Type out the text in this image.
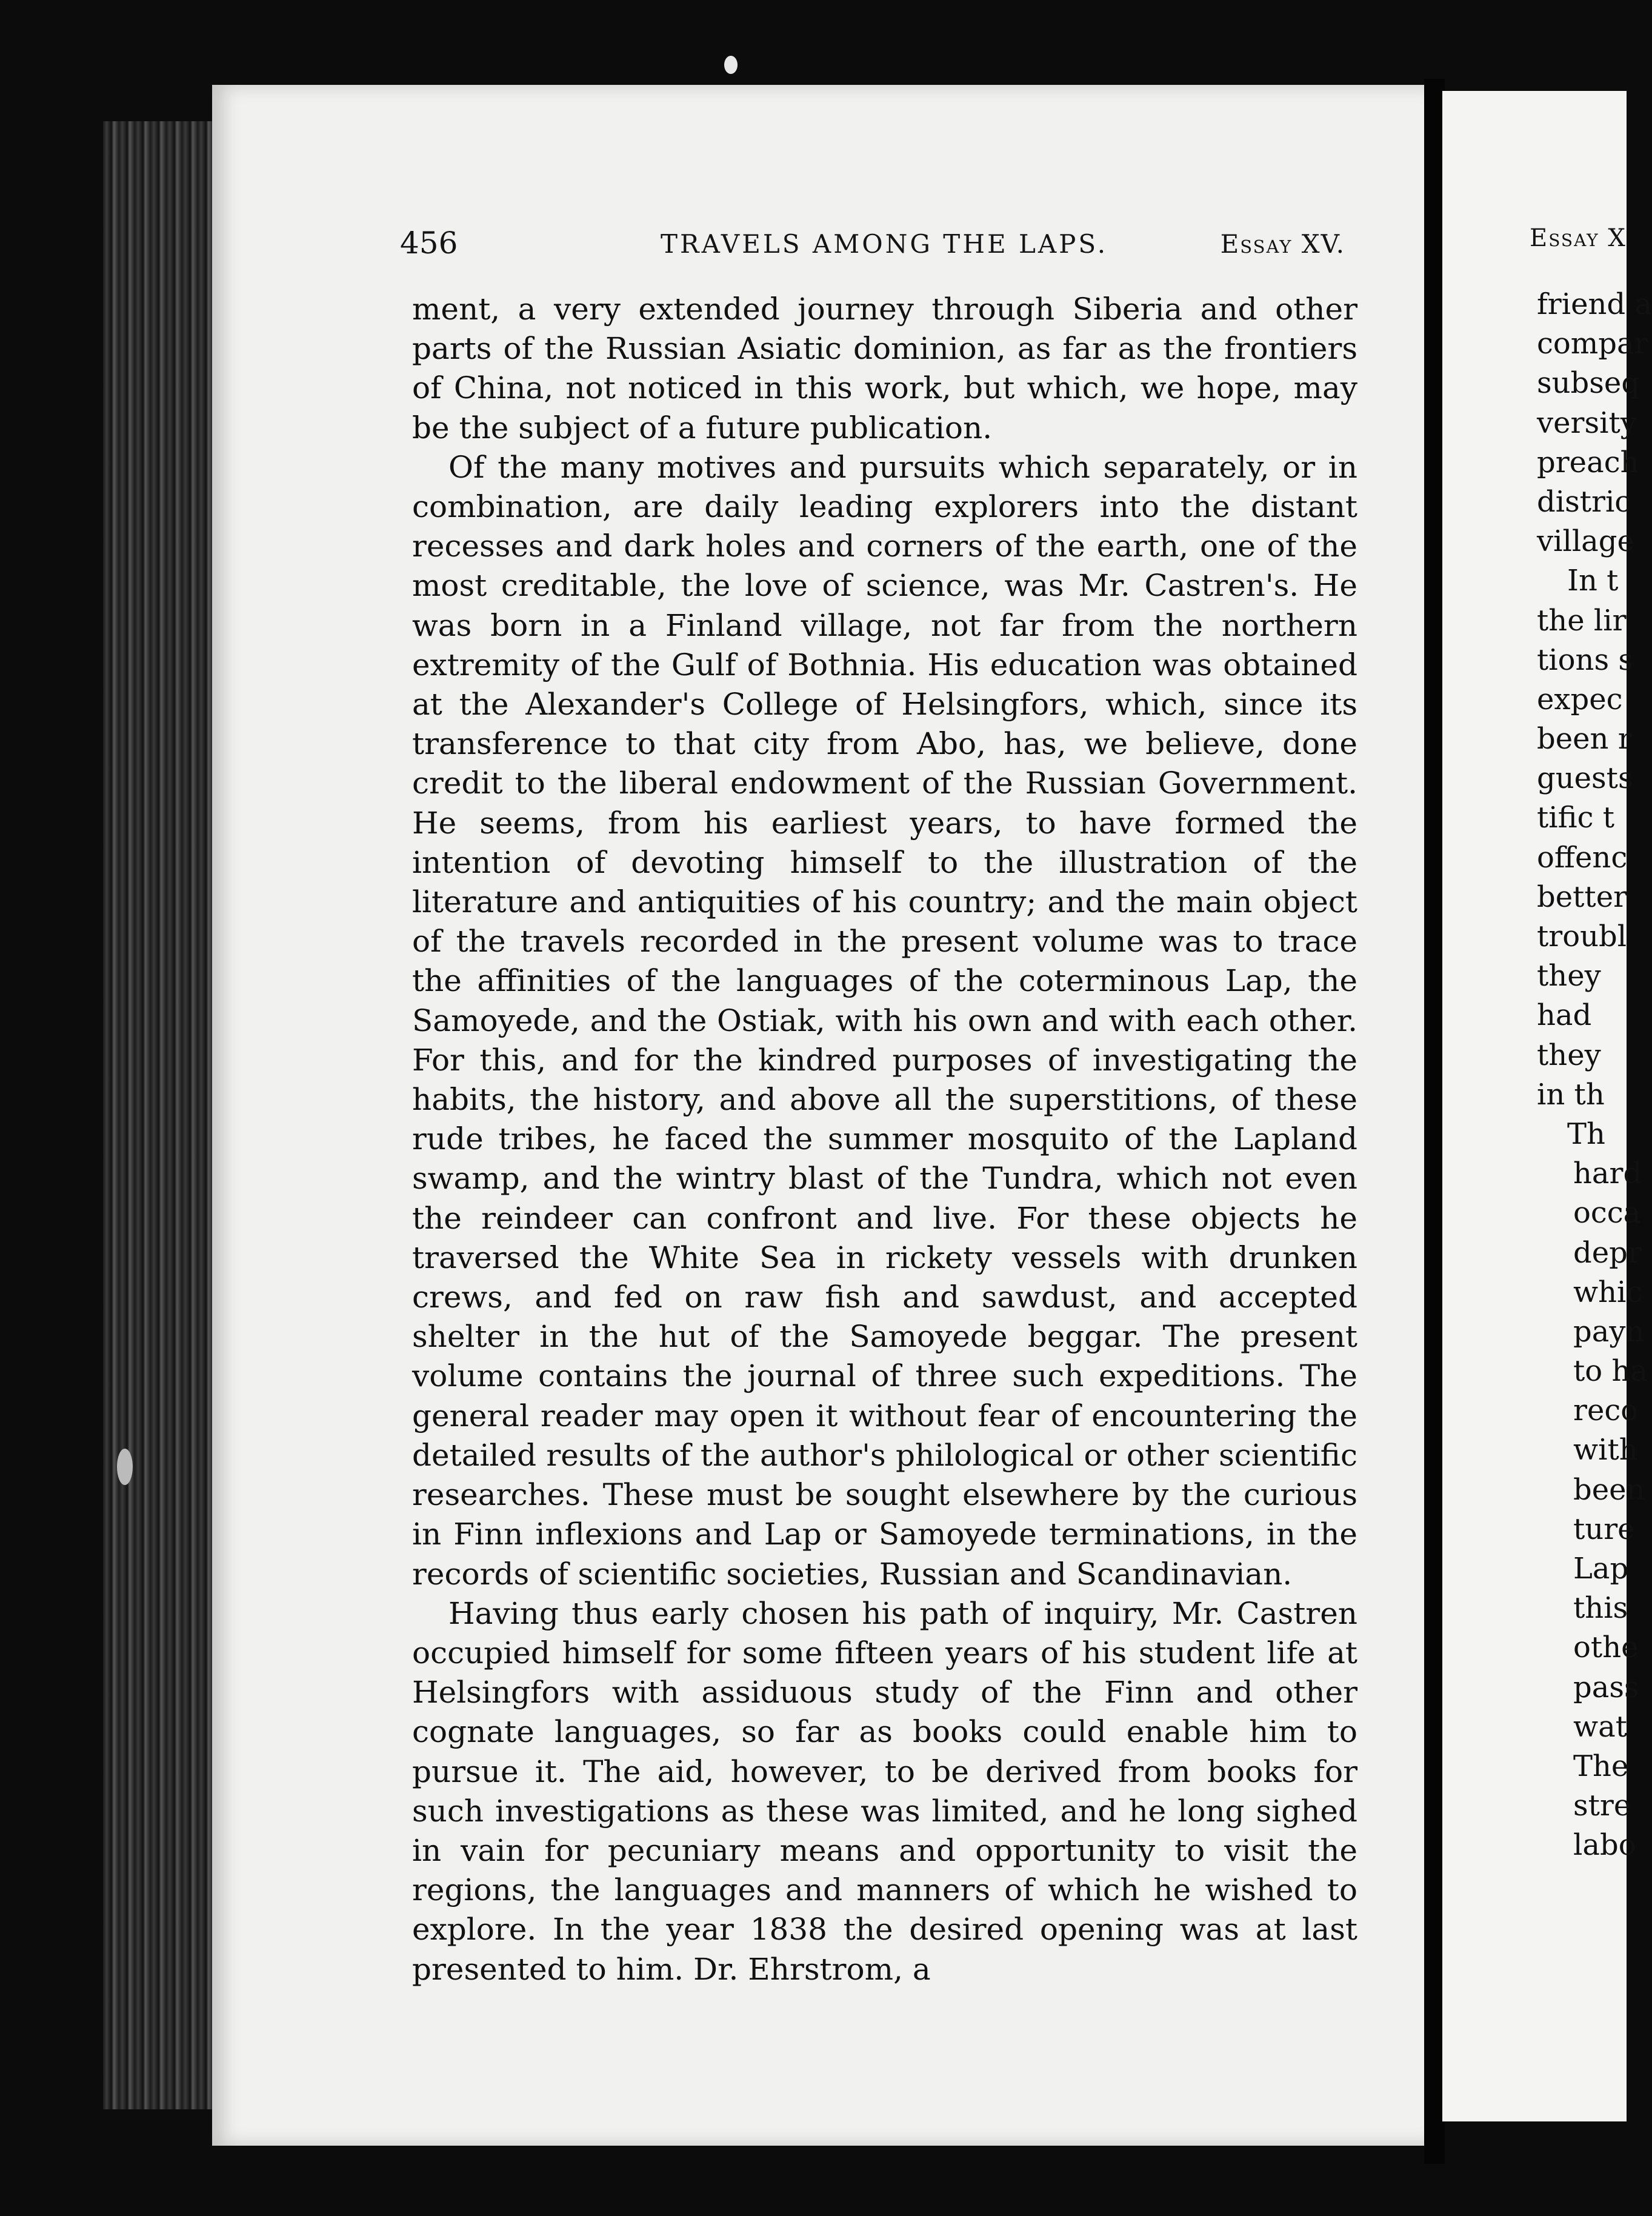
456	TRAVELS AMONG THE LAPS.	Essay XV.

ment, a very extended journey through Siberia and other parts of the Russian Asiatic dominion, as far as the frontiers of China, not noticed in this work, but which, we hope, may be the subject of a future publication.

Of the many motives and pursuits which separately, or in combination, are daily leading explorers into the distant recesses and dark holes and corners of the earth, one of the most creditable, the love of science, was Mr. Castren's. He was born in a Finland village, not far from the northern extremity of the Gulf of Bothnia. His education was obtained at the Alexander's College of Helsingfors, which, since its transference to that city from Abo, has, we believe, done credit to the liberal endowment of the Russian Government. He seems, from his earliest years, to have formed the intention of devoting himself to the illustration of the literature and antiquities of his country; and the main object of the travels recorded in the present volume was to trace the affinities of the languages of the coterminous Lap, the Samoyede, and the Ostiak, with his own and with each other. For this, and for the kindred purposes of investigating the habits, the history, and above all the superstitions, of these rude tribes, he faced the summer mosquito of the Lapland swamp, and the wintry blast of the Tundra, which not even the reindeer can confront and live. For these objects he traversed the White Sea in rickety vessels with drunken crews, and fed on raw fish and sawdust, and accepted shelter in the hut of the Samoyede beggar. The present volume contains the journal of three such expeditions. The general reader may open it without fear of encountering the detailed results of the author's philological or other scientific researches. These must be sought elsewhere by the curious in Finn inflexions and Lap or Samoyede terminations, in the records of scientific societies, Russian and Scandinavian.

Having thus early chosen his path of inquiry, Mr. Castren occupied himself for some fifteen years of his student life at Helsingfors with assiduous study of the Finn and other cognate languages, so far as books could enable him to pursue it. The aid, however, to be derived from books for such investigations as these was limited, and he long sighed in vain for pecuniary means and opportunity to visit the regions, the languages and manners of which he wished to explore. In the year 1838 the desired opening was at last presented to him. Dr. Ehrstrom, a

Essay X
friend a
compar
subseq
versity
preach
distric
village
In t
the lir
tions s
expec
been r
guests
tific t
offenc
better
troubl
they
had
they
in th
Th
hard
occa
depr
whic
payn
to ha
reco
with
been
ture
Lap
this
othe
pass
wat
The
stre
labo
